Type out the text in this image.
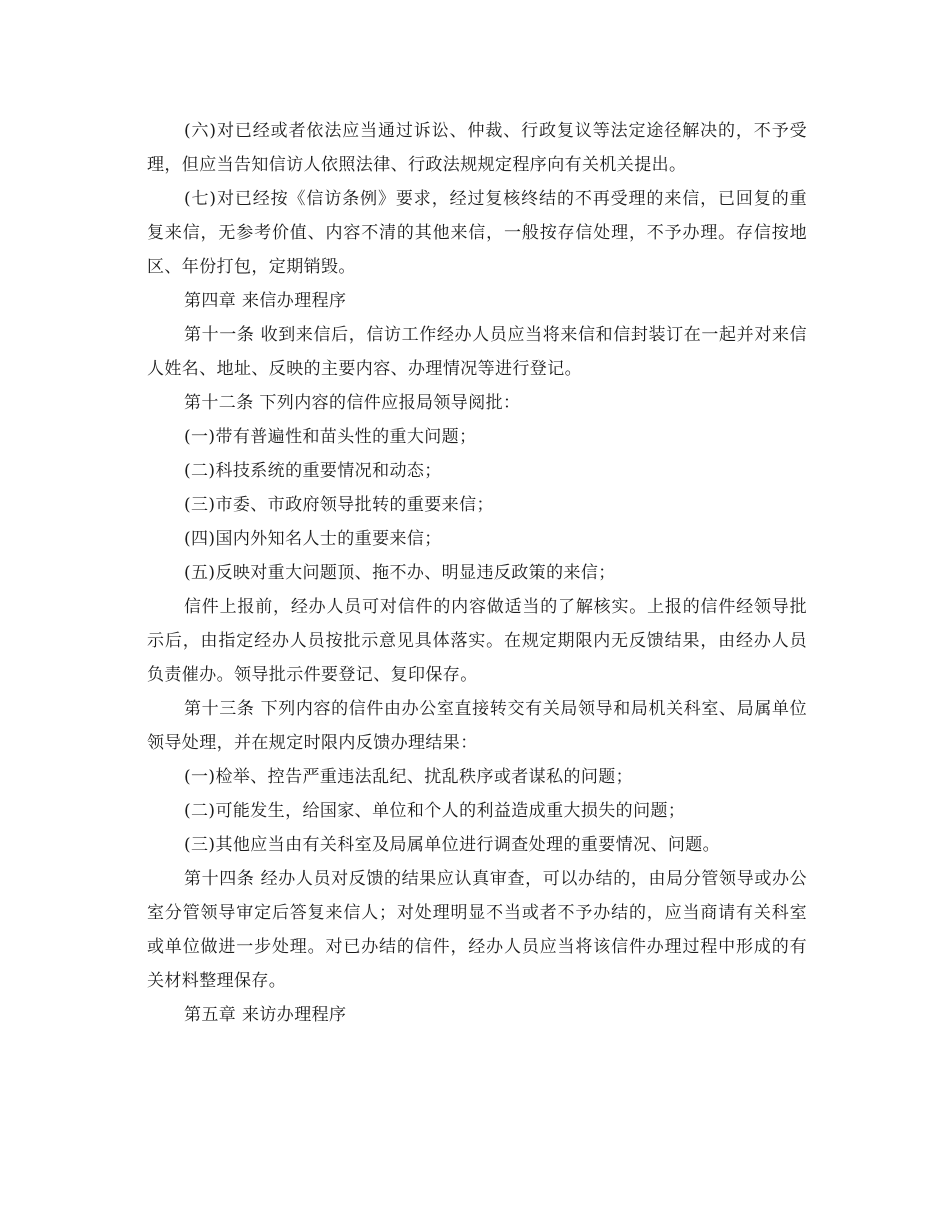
(六)对已经或者依法应当通过诉讼、仲裁、行政复议等法定途径解决的，不予受理，但应当告知信访人依照法律、行政法规规定程序向有关机关提出。

(七)对已经按《信访条例》要求，经过复核终结的不再受理的来信，已回复的重复来信，无参考价值、内容不清的其他来信，一般按存信处理，不予办理。存信按地区、年份打包，定期销毁。

第四章 来信办理程序

第十一条 收到来信后，信访工作经办人员应当将来信和信封装订在一起并对来信人姓名、地址、反映的主要内容、办理情况等进行登记。

第十二条 下列内容的信件应报局领导阅批：

(一)带有普遍性和苗头性的重大问题；

(二)科技系统的重要情况和动态；

(三)市委、市政府领导批转的重要来信；

(四)国内外知名人士的重要来信；

(五)反映对重大问题顶、拖不办、明显违反政策的来信；

信件上报前，经办人员可对信件的内容做适当的了解核实。上报的信件经领导批示后，由指定经办人员按批示意见具体落实。在规定期限内无反馈结果，由经办人员负责催办。领导批示件要登记、复印保存。

第十三条 下列内容的信件由办公室直接转交有关局领导和局机关科室、局属单位领导处理，并在规定时限内反馈办理结果：

(一)检举、控告严重违法乱纪、扰乱秩序或者谋私的问题；

(二)可能发生，给国家、单位和个人的利益造成重大损失的问题；

(三)其他应当由有关科室及局属单位进行调查处理的重要情况、问题。

第十四条 经办人员对反馈的结果应认真审查，可以办结的，由局分管领导或办公室分管领导审定后答复来信人；对处理明显不当或者不予办结的，应当商请有关科室或单位做进一步处理。对已办结的信件，经办人员应当将该信件办理过程中形成的有关材料整理保存。

第五章 来访办理程序
